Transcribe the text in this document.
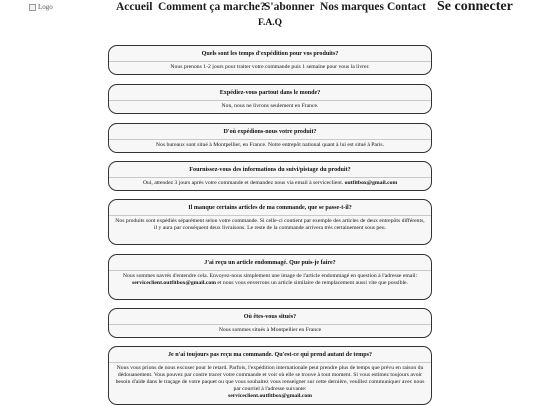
Logo	Accueil Comment ça marche?
S'abonner Nos marques Contact Se connecter
F.A.Q
Quels sont les temps d'expédition pour vos produits?
Nous prenons 1-2 jours pour traiter votre commande puis 1 semaine pour vous la livrer.
Expédiez-vous partout dans le monde?
Non, nous ne livrons seulement en France.
D'où expédions-nous votre produit?
Nos bureaux sont situé à Montpellier, en France. Notre entrepôt national quant à lui est situé à Paris.
Fournissez-vous des informations du suivi/pistage du produit?
Oui, attendez 3 jours après votre commande et demandez nous via email à serviceclient. outfitbox@gmail.com
Il manque certains articles de ma commande, que se passe-t-il?
Nos produits sont expédiés séparément selon votre commande. Si celle-ci contient par exemple des articles de deux entrepôts différents, il y aura par conséquent deux livraisons. Le reste de la commande arrivera très certainement sous peu.
J'ai reçu un article endommagé. Que puis-je faire?
Nous sommes navrés d'entendre cela. Envoyez-nous simplement une image de l'article endommagé en question à l'adresse email: serviceclient.outfitbox@gmail.com et nous vous enverrons un article similaire de remplacement aussi vite que possible.
Où êtes-vous situés?
Nous sommes situés à Montpellier en France
Je n'ai toujours pas reçu ma commande. Qu'est-ce qui prend autant de temps?
Nous vous prions de nous excuser pour le retard. Parfois, l'expédition internationale peut prendre plus de temps que prévu en raison du dédouanement. Vous pouvez par contre tracer votre commande et voir où elle se trouve à tout moment. Si vous estimez toujours avoir besoin d'aide dans le traçage de votre paquet ou que vous souhaitez vous renseigner sur cette dernière, veuillez communiquer avec nous par courriel à l'adresse suivante:
serviceclient.outfitbox@gmail.com
